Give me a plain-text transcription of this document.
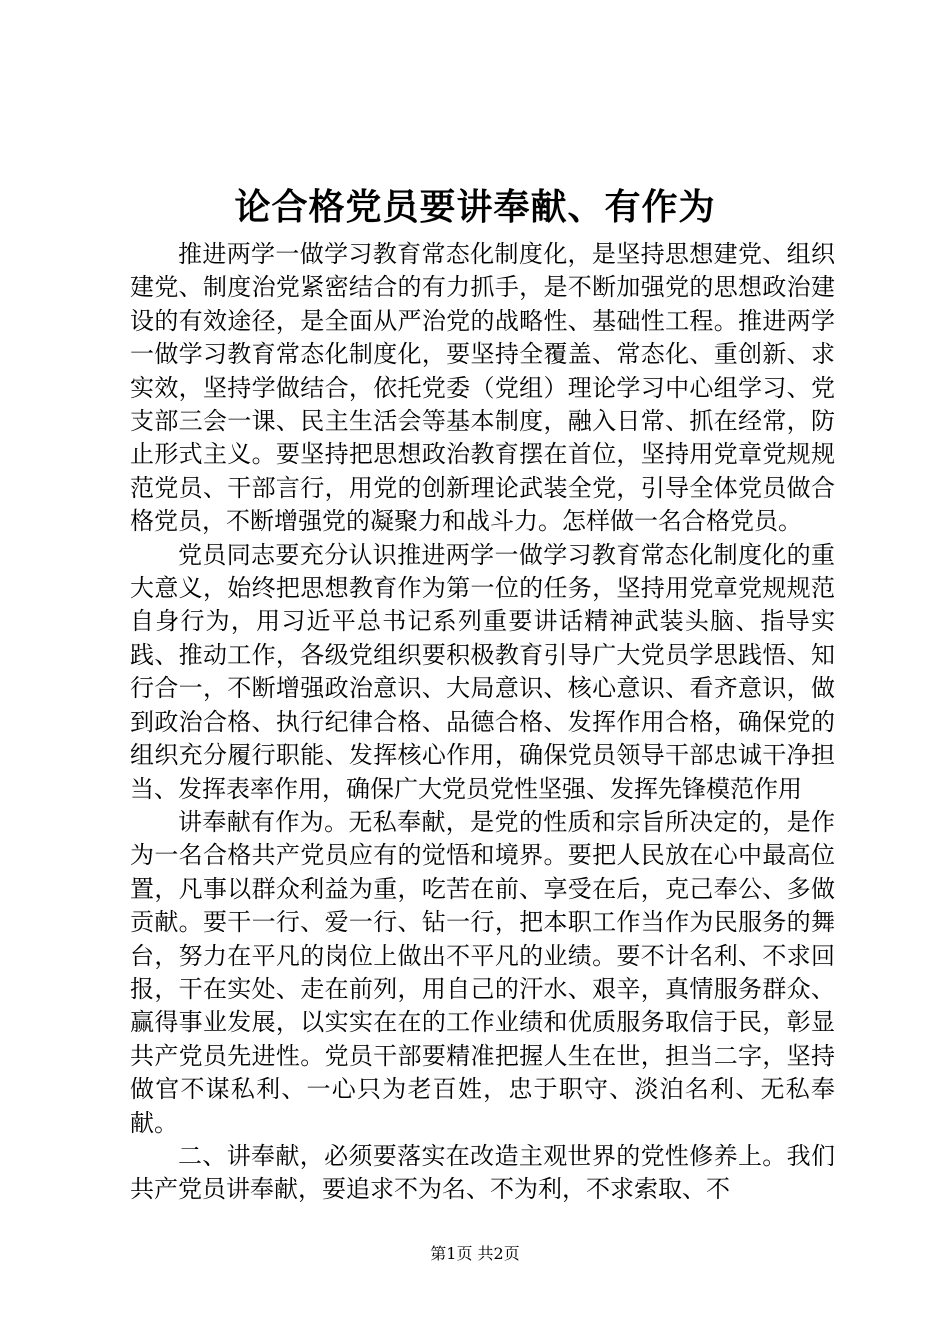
论合格党员要讲奉献、有作为

推进两学一做学习教育常态化制度化，是坚持思想建党、组织建党、制度治党紧密结合的有力抓手，是不断加强党的思想政治建设的有效途径，是全面从严治党的战略性、基础性工程。推进两学一做学习教育常态化制度化，要坚持全覆盖、常态化、重创新、求实效，坚持学做结合，依托党委（党组）理论学习中心组学习、党支部三会一课、民主生活会等基本制度，融入日常、抓在经常，防止形式主义。要坚持把思想政治教育摆在首位，坚持用党章党规规范党员、干部言行，用党的创新理论武装全党，引导全体党员做合格党员，不断增强党的凝聚力和战斗力。怎样做一名合格党员。

党员同志要充分认识推进两学一做学习教育常态化制度化的重大意义，始终把思想教育作为第一位的任务，坚持用党章党规规范自身行为，用习近平总书记系列重要讲话精神武装头脑、指导实践、推动工作，各级党组织要积极教育引导广大党员学思践悟、知行合一，不断增强政治意识、大局意识、核心意识、看齐意识，做到政治合格、执行纪律合格、品德合格、发挥作用合格，确保党的组织充分履行职能、发挥核心作用，确保党员领导干部忠诚干净担当、发挥表率作用，确保广大党员党性坚强、发挥先锋模范作用

讲奉献有作为。无私奉献，是党的性质和宗旨所决定的，是作为一名合格共产党员应有的觉悟和境界。要把人民放在心中最高位置，凡事以群众利益为重，吃苦在前、享受在后，克己奉公、多做贡献。要干一行、爱一行、钻一行，把本职工作当作为民服务的舞台，努力在平凡的岗位上做出不平凡的业绩。要不计名利、不求回报，干在实处、走在前列，用自己的汗水、艰辛，真情服务群众、赢得事业发展，以实实在在的工作业绩和优质服务取信于民，彰显共产党员先进性。党员干部要精准把握人生在世，担当二字，坚持做官不谋私利、一心只为老百姓，忠于职守、淡泊名利、无私奉献。

二、讲奉献，必须要落实在改造主观世界的党性修养上。我们共产党员讲奉献，要追求不为名、不为利，不求索取、不

第1页 共2页
